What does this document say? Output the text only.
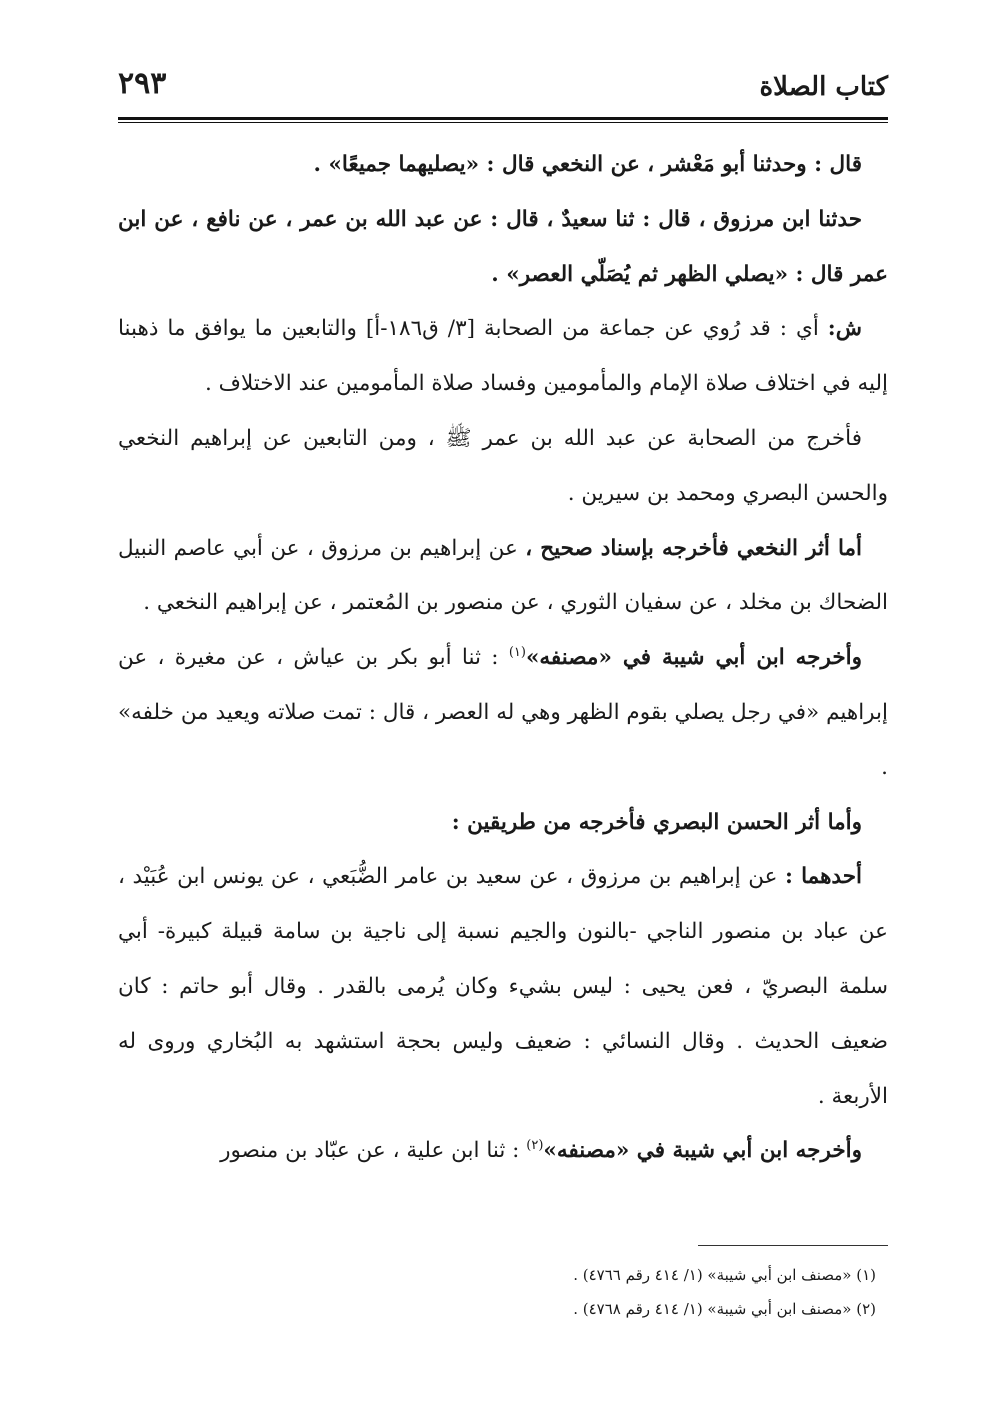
كتاب الصلاة
٢٩٣

قال : وحدثنا أبو مَعْشر ، عن النخعي قال : «يصليهما جميعًا» .

حدثنا ابن مرزوق ، قال : ثنا سعيدٌ ، قال : عن عبد الله بن عمر ، عن نافع ، عن ابن عمر قال : «يصلي الظهر ثم يُصَلّي العصر» .

ش: أي : قد رُوي عن جماعة من الصحابة [٣/ ق١٨٦-أ] والتابعين ما يوافق ما ذهبنا إليه في اختلاف صلاة الإمام والمأمومين وفساد صلاة المأمومين عند الاختلاف .

فأخرج من الصحابة عن عبد الله بن عمر ﷺ ، ومن التابعين عن إبراهيم النخعي والحسن البصري ومحمد بن سيرين .

أما أثر النخعي فأخرجه بإسناد صحيح ، عن إبراهيم بن مرزوق ، عن أبي عاصم النبيل الضحاك بن مخلد ، عن سفيان الثوري ، عن منصور بن المُعتمر ، عن إبراهيم النخعي .

وأخرجه ابن أبي شيبة في «مصنفه»$^{(١)}$ : ثنا أبو بكر بن عياش ، عن مغيرة ، عن إبراهيم «في رجل يصلي بقوم الظهر وهي له العصر ، قال : تمت صلاته ويعيد من خلفه» .

وأما أثر الحسن البصري فأخرجه من طريقين :

أحدهما : عن إبراهيم بن مرزوق ، عن سعيد بن عامر الضُّبَعي ، عن يونس ابن عُبَيْد ، عن عباد بن منصور الناجي -بالنون والجيم نسبة إلى ناجية بن سامة قبيلة كبيرة- أبي سلمة البصريّ ، فعن يحيى : ليس بشيء وكان يُرمى بالقدر . وقال أبو حاتم : كان ضعيف الحديث . وقال النسائي : ضعيف وليس بحجة استشهد به البُخاري وروى له الأربعة .

وأخرجه ابن أبي شيبة في «مصنفه»$^{(٢)}$ : ثنا ابن علية ، عن عبّاد بن منصور

(١) «مصنف ابن أبي شيبة» (١/ ٤١٤ رقم ٤٧٦٦) .
(٢) «مصنف ابن أبي شيبة» (١/ ٤١٤ رقم ٤٧٦٨) .
